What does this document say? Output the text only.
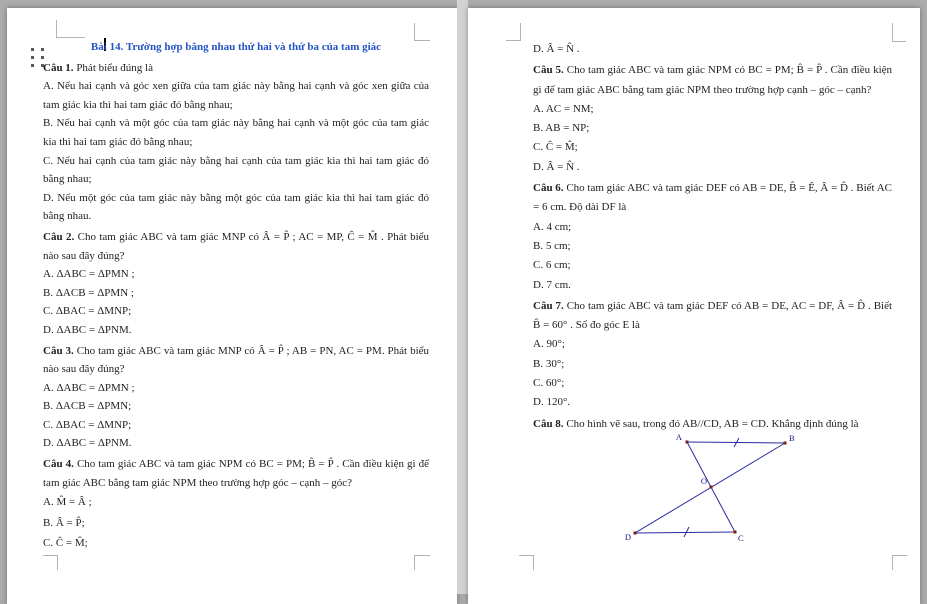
Bài 14. Trường hợp bằng nhau thứ hai và thứ ba của tam giác

Câu 1. Phát biểu đúng là

A. Nếu hai cạnh và góc xen giữa của tam giác này bằng hai cạnh và góc xen giữa của tam giác kia thì hai tam giác đó bằng nhau;

B. Nếu hai cạnh và một góc của tam giác này bằng hai cạnh và một góc của tam giác kia thì hai tam giác đó bằng nhau;

C. Nếu hai cạnh của tam giác này bằng hai cạnh của tam giác kia thì hai tam giác đó bằng nhau;

D. Nếu một góc của tam giác này bằng một góc của tam giác kia thì hai tam giác đó bằng nhau.

Câu 2. Cho tam giác ABC và tam giác MNP có Â = P̂ ; AC = MP, Ĉ = M̂ . Phát biểu nào sau đây đúng?

A. ΔABC = ΔPMN ;

B. ΔACB = ΔPMN ;

C. ΔBAC = ΔMNP;

D. ΔABC = ΔPNM.

Câu 3. Cho tam giác ABC và tam giác MNP có Â = P̂ ; AB = PN, AC = PM. Phát biểu nào sau đây đúng?

A. ΔABC = ΔPMN ;

B. ΔACB = ΔPMN;

C. ΔBAC = ΔMNP;

D. ΔABC = ΔPNM.

Câu 4. Cho tam giác ABC và tam giác NPM có BC = PM; B̂ = P̂ . Cần điều kiện gì để tam giác ABC bằng tam giác NPM theo trường hợp góc – cạnh – góc?

A. M̂ = Â ;

B. Â = P̂;

C. Ĉ = M̂;

D. Â = N̂ .

Câu 5. Cho tam giác ABC và tam giác NPM có BC = PM; B̂ = P̂ . Cần điều kiện gì để tam giác ABC bằng tam giác NPM theo trường hợp cạnh – góc – cạnh?

A. AC = NM;

B. AB = NP;

C. Ĉ = M̂;

D. Â = N̂ .

Câu 6. Cho tam giác ABC và tam giác DEF có AB = DE, B̂ = Ê, Â = D̂ . Biết AC = 6 cm. Độ dài DF là

A. 4 cm;

B. 5 cm;

C. 6 cm;

D. 7 cm.

Câu 7. Cho tam giác ABC và tam giác DEF có AB = DE, AC = DF, Â = D̂ . Biết B̂ = 60° . Số đo góc E là

A. 90°;

B. 30°;

C. 60°;

D. 120°.

Câu 8. Cho hình vẽ sau, trong đó AB//CD, AB = CD. Khẳng định đúng là

A	B
O
D	C
